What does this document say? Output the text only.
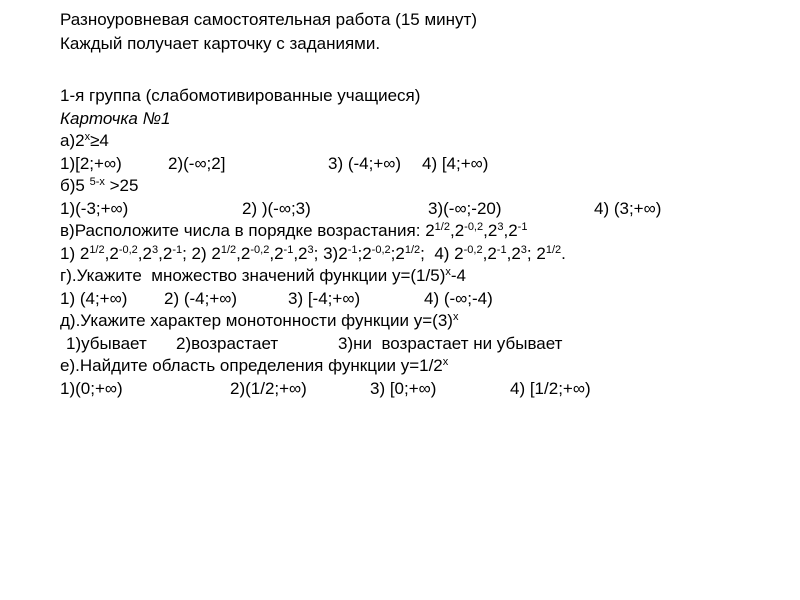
Разноуровневая самостоятельная работа (15 минут)
Каждый получает карточку с заданиями.
1-я группа (слабомотивированные учащиеся)
Карточка №1
$а)2^х\ge 4$
1)[2;+∞)	2)(-∞;2]	3) (-4;+∞) 4) [4;+∞)
б)5 $^{5-х}$ >25
1)(-3;+∞)	2) )(-∞;3)	3)(-∞;-20)	4) (3;+∞)
в)Расположите числа в порядке возрастания: $2^{1/2},2^{-0,2},2^3,2^{-1}$
1) $2^{1/2},2^{-0,2},2^3,2^{-1}$; 2) $2^{1/2},2^{-0,2},2^{-1},2^3$; $3)2^{-1};2^{-0,2};2^{1/2}$;  4) $2^{-0,2},2^{-1},2^3$; $2^{1/2}$.
г).Укажите  множество значений функции $у=(1/5)^х-4$
1) (4;+∞) 2) (-4;+∞)	3) [-4;+∞)	4) (-∞;-4)
д).Укажите характер монотонности функции $у=(3)^х$
1)убывает 2)возрастает	3)ни  возрастает ни убывает
е).Найдите область определения функции $у=1/2^х$
1)(0;+∞)	2)(1/2;+∞)	3) [0;+∞)	4) [1/2;+∞)
